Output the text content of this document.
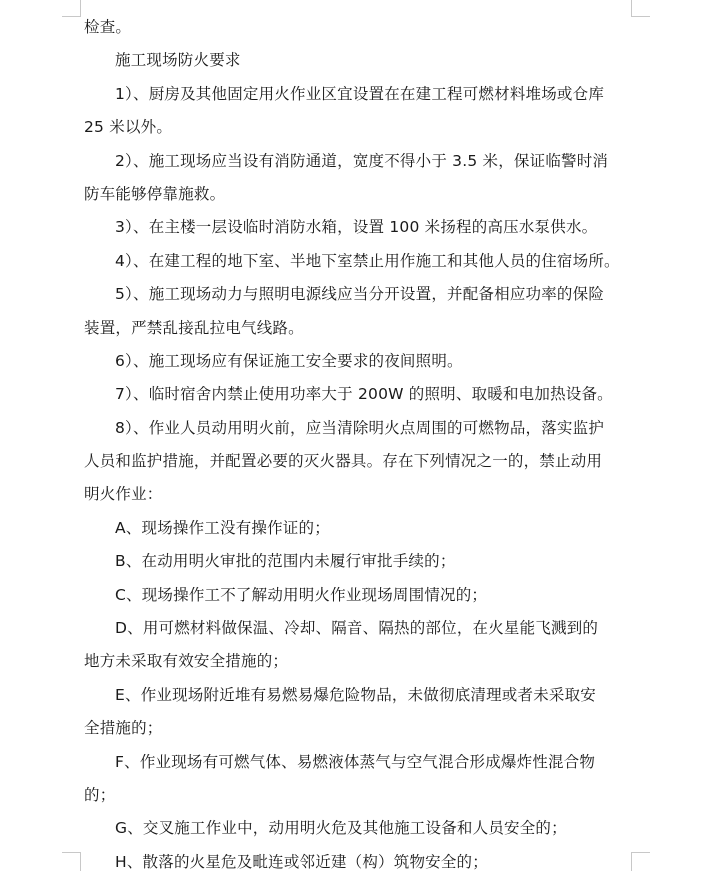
检查。
施工现场防火要求
1）、厨房及其他固定用火作业区宜设置在在建工程可燃材料堆场或仓库
25 米以外。
2）、施工现场应当设有消防通道，宽度不得小于 3.5 米，保证临警时消
防车能够停靠施救。
3）、在主楼一层设临时消防水箱，设置 100 米扬程的高压水泵供水。
4）、在建工程的地下室、半地下室禁止用作施工和其他人员的住宿场所。
5）、施工现场动力与照明电源线应当分开设置，并配备相应功率的保险
装置，严禁乱接乱拉电气线路。
6）、施工现场应有保证施工安全要求的夜间照明。
7）、临时宿舍内禁止使用功率大于 200W 的照明、取暖和电加热设备。
8）、作业人员动用明火前，应当清除明火点周围的可燃物品，落实监护
人员和监护措施，并配置必要的灭火器具。存在下列情况之一的，禁止动用
明火作业：
A、现场操作工没有操作证的；
B、在动用明火审批的范围内未履行审批手续的；
C、现场操作工不了解动用明火作业现场周围情况的；
D、用可燃材料做保温、冷却、隔音、隔热的部位，在火星能飞溅到的
地方未采取有效安全措施的；
E、作业现场附近堆有易燃易爆危险物品，未做彻底清理或者未采取安
全措施的；
F、作业现场有可燃气体、易燃液体蒸气与空气混合形成爆炸性混合物
的；
G、交叉施工作业中，动用明火危及其他施工设备和人员安全的；
H、散落的火星危及毗连或邻近建（构）筑物安全的；
